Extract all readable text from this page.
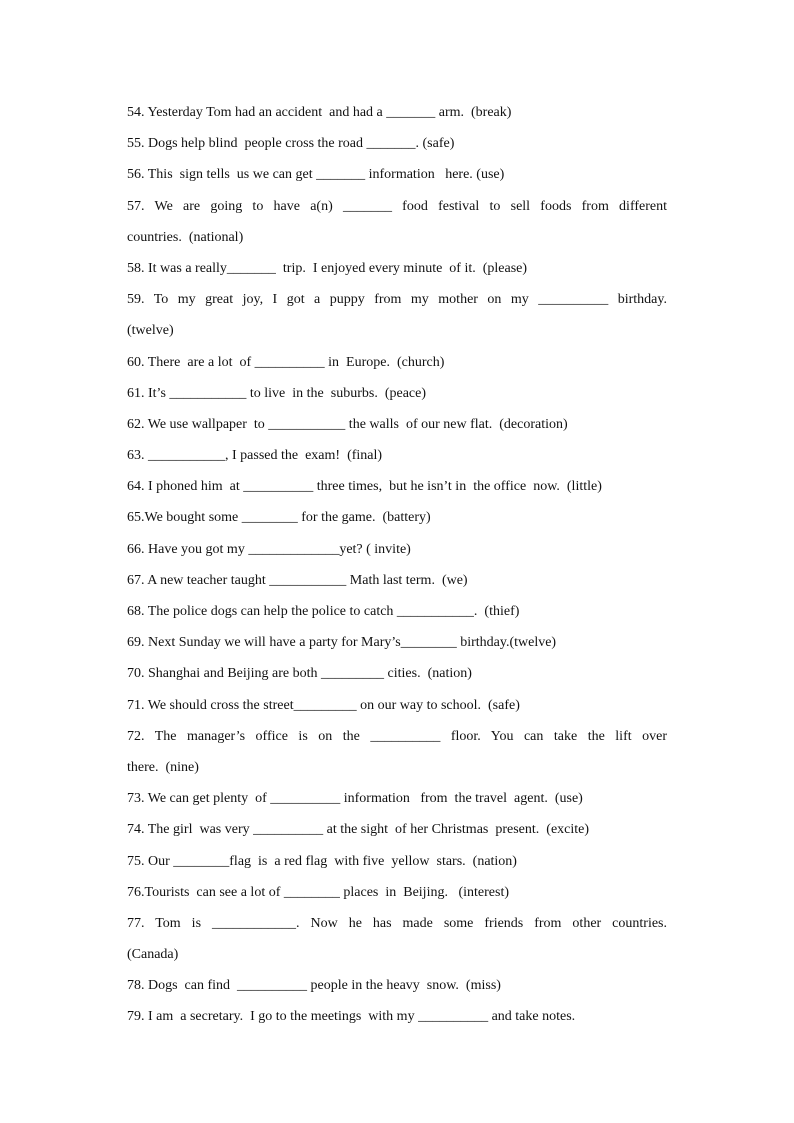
54. Yesterday Tom had an accident  and had a _______ arm.  (break)
55. Dogs help blind  people cross the road _______. (safe)
56. This  sign tells  us we can get _______ information   here. (use)
57. We are going to have a(n) _______ food festival to sell foods from different
countries.  (national)
58. It was a really_______  trip.  I enjoyed every minute  of it.  (please)
59. To my great joy, I got a puppy from my mother on my __________ birthday.
(twelve)
60. There  are a lot  of __________ in  Europe.  (church)
61. It’s ___________ to live  in the  suburbs.  (peace)
62. We use wallpaper  to ___________ the walls  of our new flat.  (decoration)
63. ___________, I passed the  exam!  (final)
64. I phoned him  at __________ three times,  but he isn’t in  the office  now.  (little)
65.We bought some ________ for the game.  (battery)
66. Have you got my _____________yet? ( invite)
67. A new teacher taught ___________ Math last term.  (we)
68. The police dogs can help the police to catch ___________.  (thief)
69. Next Sunday we will have a party for Mary’s________ birthday.(twelve)
70. Shanghai and Beijing are both _________ cities.  (nation)
71. We should cross the street_________ on our way to school.  (safe)
72. The manager’s office is on the __________ floor. You can take the lift over
there.  (nine)
73. We can get plenty  of __________ information   from  the travel  agent.  (use)
74. The girl  was very __________ at the sight  of her Christmas  present.  (excite)
75. Our ________flag  is  a red flag  with five  yellow  stars.  (nation)
76.Tourists  can see a lot of ________ places  in  Beijing.   (interest)
77. Tom is ____________. Now he has made some friends from other countries.
(Canada)
78. Dogs  can find  __________ people in the heavy  snow.  (miss)
79. I am  a secretary.  I go to the meetings  with my __________ and take notes.
